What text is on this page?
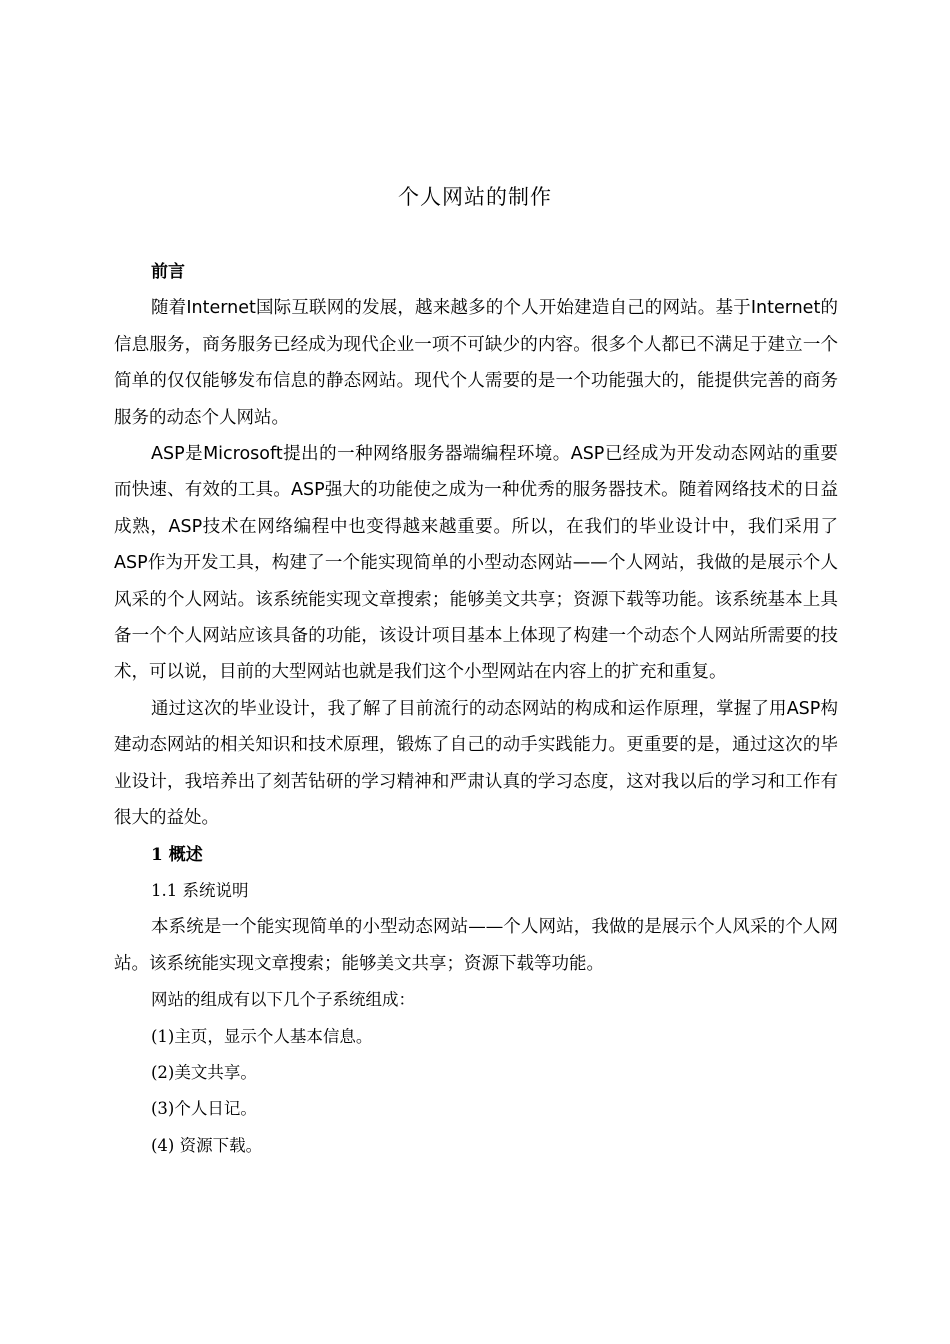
个人网站的制作

前言

随着Internet国际互联网的发展，越来越多的个人开始建造自己的网站。基于Internet的信息服务，商务服务已经成为现代企业一项不可缺少的内容。很多个人都已不满足于建立一个简单的仅仅能够发布信息的静态网站。现代个人需要的是一个功能强大的，能提供完善的商务服务的动态个人网站。

ASP是Microsoft提出的一种网络服务器端编程环境。ASP已经成为开发动态网站的重要而快速、有效的工具。ASP强大的功能使之成为一种优秀的服务器技术。随着网络技术的日益成熟，ASP技术在网络编程中也变得越来越重要。所以，在我们的毕业设计中，我们采用了ASP作为开发工具，构建了一个能实现简单的小型动态网站——个人网站，我做的是展示个人风采的个人网站。该系统能实现文章搜索；能够美文共享；资源下载等功能。该系统基本上具备一个个人网站应该具备的功能，该设计项目基本上体现了构建一个动态个人网站所需要的技术，可以说，目前的大型网站也就是我们这个小型网站在内容上的扩充和重复。

通过这次的毕业设计，我了解了目前流行的动态网站的构成和运作原理，掌握了用ASP构建动态网站的相关知识和技术原理，锻炼了自己的动手实践能力。更重要的是，通过这次的毕业设计，我培养出了刻苦钻研的学习精神和严肃认真的学习态度，这对我以后的学习和工作有很大的益处。

1 概述

1.1 系统说明

本系统是一个能实现简单的小型动态网站——个人网站，我做的是展示个人风采的个人网站。该系统能实现文章搜索；能够美文共享；资源下载等功能。

网站的组成有以下几个子系统组成：

(1)主页，显示个人基本信息。

(2)美文共享。

(3)个人日记。

(4) 资源下载。
